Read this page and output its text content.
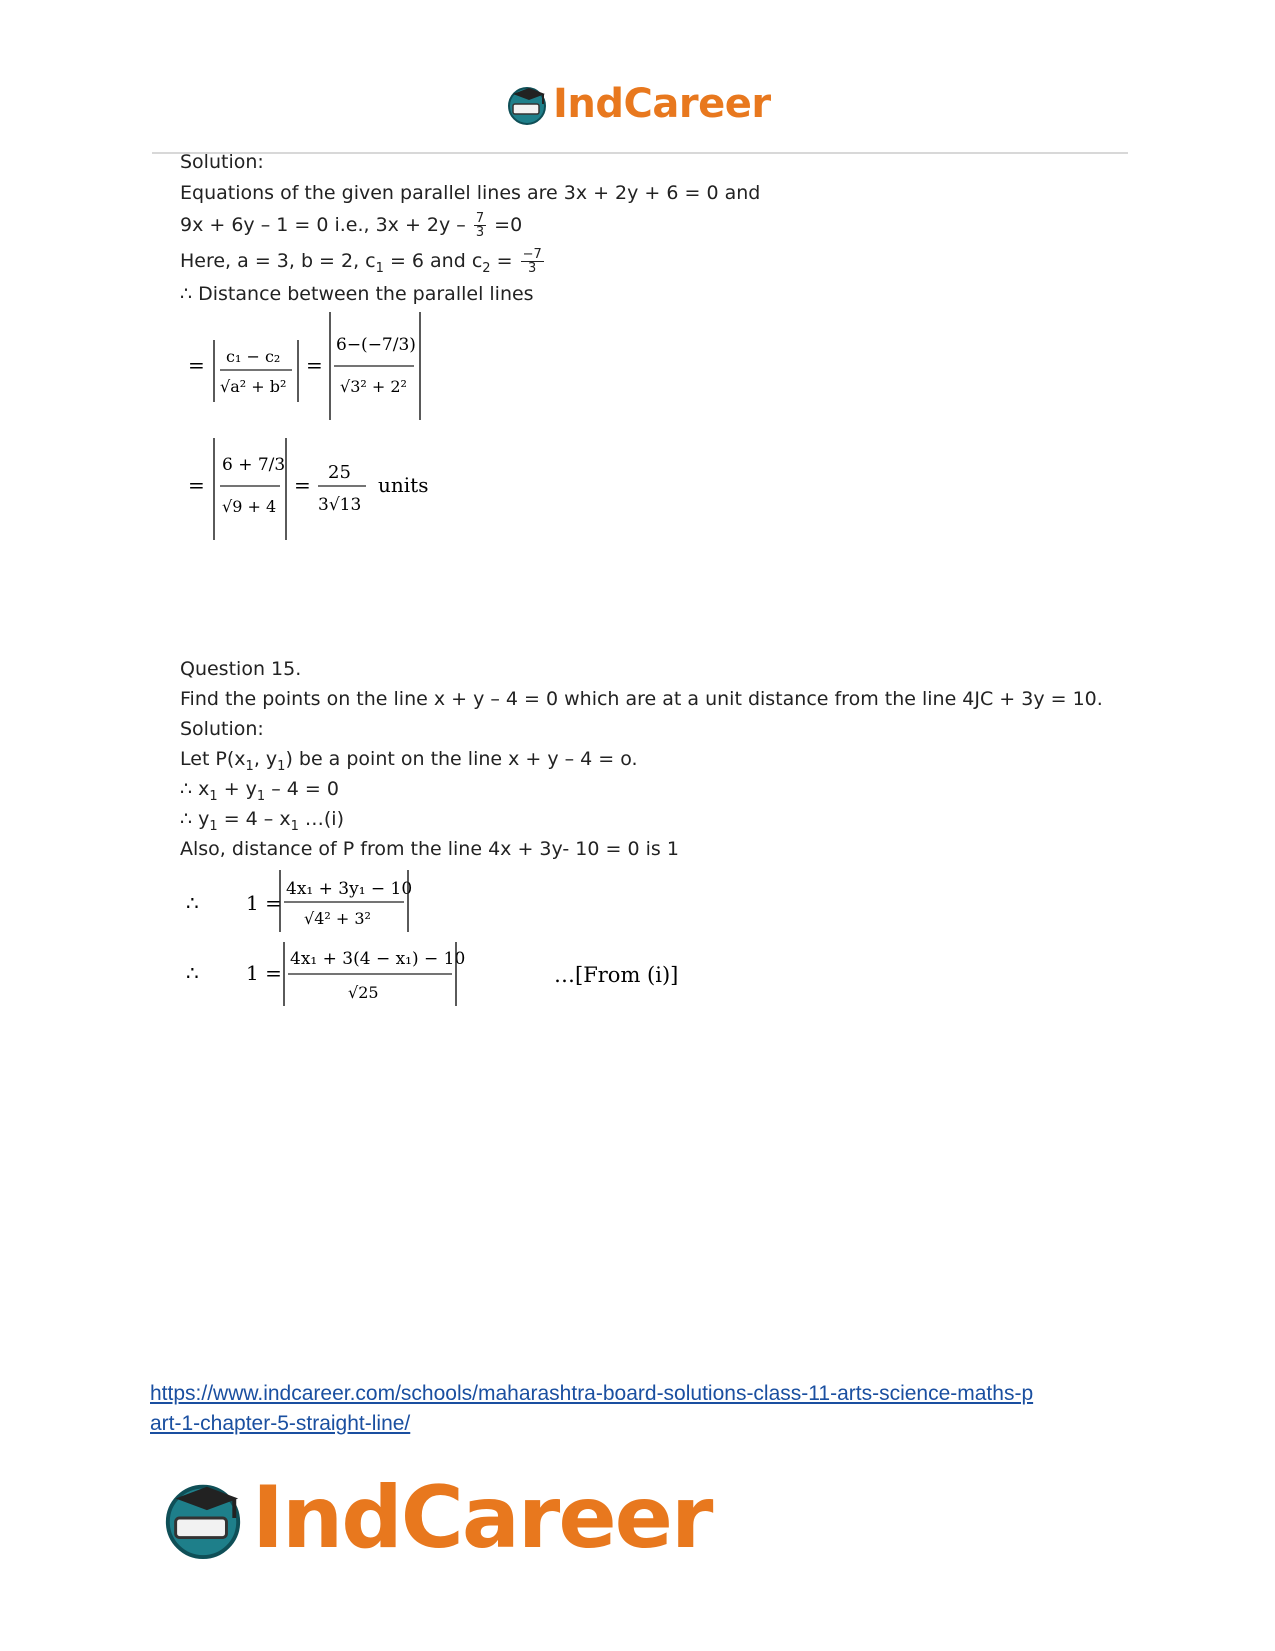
IndCareer
Solution:
Equations of the given parallel lines are 3x + 2y + 6 = 0 and
9x + 6y – 1 = 0 i.e., $3x + 2y - \frac{7}{3} =0$
Here, a = 3, b = 2, $c_1 = 6$ and $c_2 = \frac{-7}{3}$
∴ Distance between the parallel lines
= c₁ − c₂
√a² + b²
=
6−(−7/3)
√3² + 2²
=
6 + 7/3
√9 + 4
=
25
3√13
units
Question 15.
Find the points on the line x + y – 4 = 0 which are at a unit distance from the line 4JC + 3y = 10.
Solution:
Let $P(x_1$, $y_1$) be a point on the line x + y – 4 = o.
∴ $x_1 + y_1 - 4 = 0$
∴ $y_1 = 4 - x_1$ …(i)
Also, distance of P from the line 4x + 3y- 10 = 0 is 1
∴ 1 =
4x₁ + 3y₁ − 10
√4² + 3²
∴ 1 =
4x₁ + 3(4 − x₁) − 10
√25
…[From (i)]
https://www.indcareer.com/schools/maharashtra-board-solutions-class-11-arts-science-maths-p
art-1-chapter-5-straight-line/
IndCareer
